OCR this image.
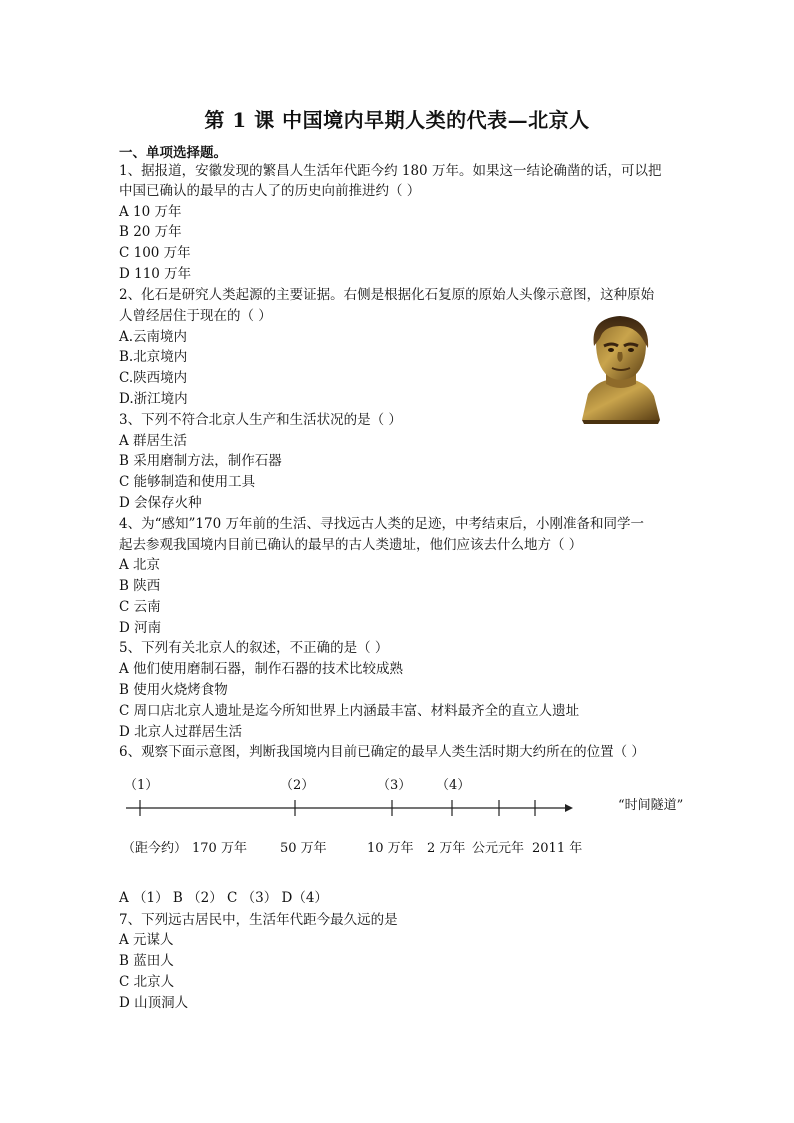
第 1 课 中国境内早期人类的代表—北京人
一、单项选择题。
1、据报道，安徽发现的繁昌人生活年代距今约 180 万年。如果这一结论确凿的话，可以把
中国已确认的最早的古人了的历史向前推进约（ ）
A 10 万年
B 20 万年
C 100 万年
D 110 万年
2、化石是研究人类起源的主要证据。右侧是根据化石复原的原始人头像示意图，这种原始
人曾经居住于现在的（ ）
A.云南境内
B.北京境内
C.陕西境内
D.浙江境内
3、下列不符合北京人生产和生活状况的是（ ）
A 群居生活
B 采用磨制方法，制作石器
C 能够制造和使用工具
D 会保存火种
4、为“感知”170 万年前的生活、寻找远古人类的足迹，中考结束后，小刚准备和同学一
起去参观我国境内目前已确认的最早的古人类遗址，他们应该去什么地方（ ）
A 北京
B 陕西
C 云南
D 河南
5、下列有关北京人的叙述，不正确的是（ ）
A 他们使用磨制石器，制作石器的技术比较成熟
B 使用火烧烤食物
C 周口店北京人遗址是迄今所知世界上内涵最丰富、材料最齐全的直立人遗址
D 北京人过群居生活
6、观察下面示意图，判断我国境内目前已确定的最早人类生活时期大约所在的位置（ ）
（1）	（2）	（3） （4）
“时间隧道”
（距今约） 170 万年	50 万年	10 万年 2 万年 公元元年 2011 年
A （1） B （2） C （3） D（4）
7、下列远古居民中，生活年代距今最久远的是
A 元谋人
B 蓝田人
C 北京人
D 山顶洞人
